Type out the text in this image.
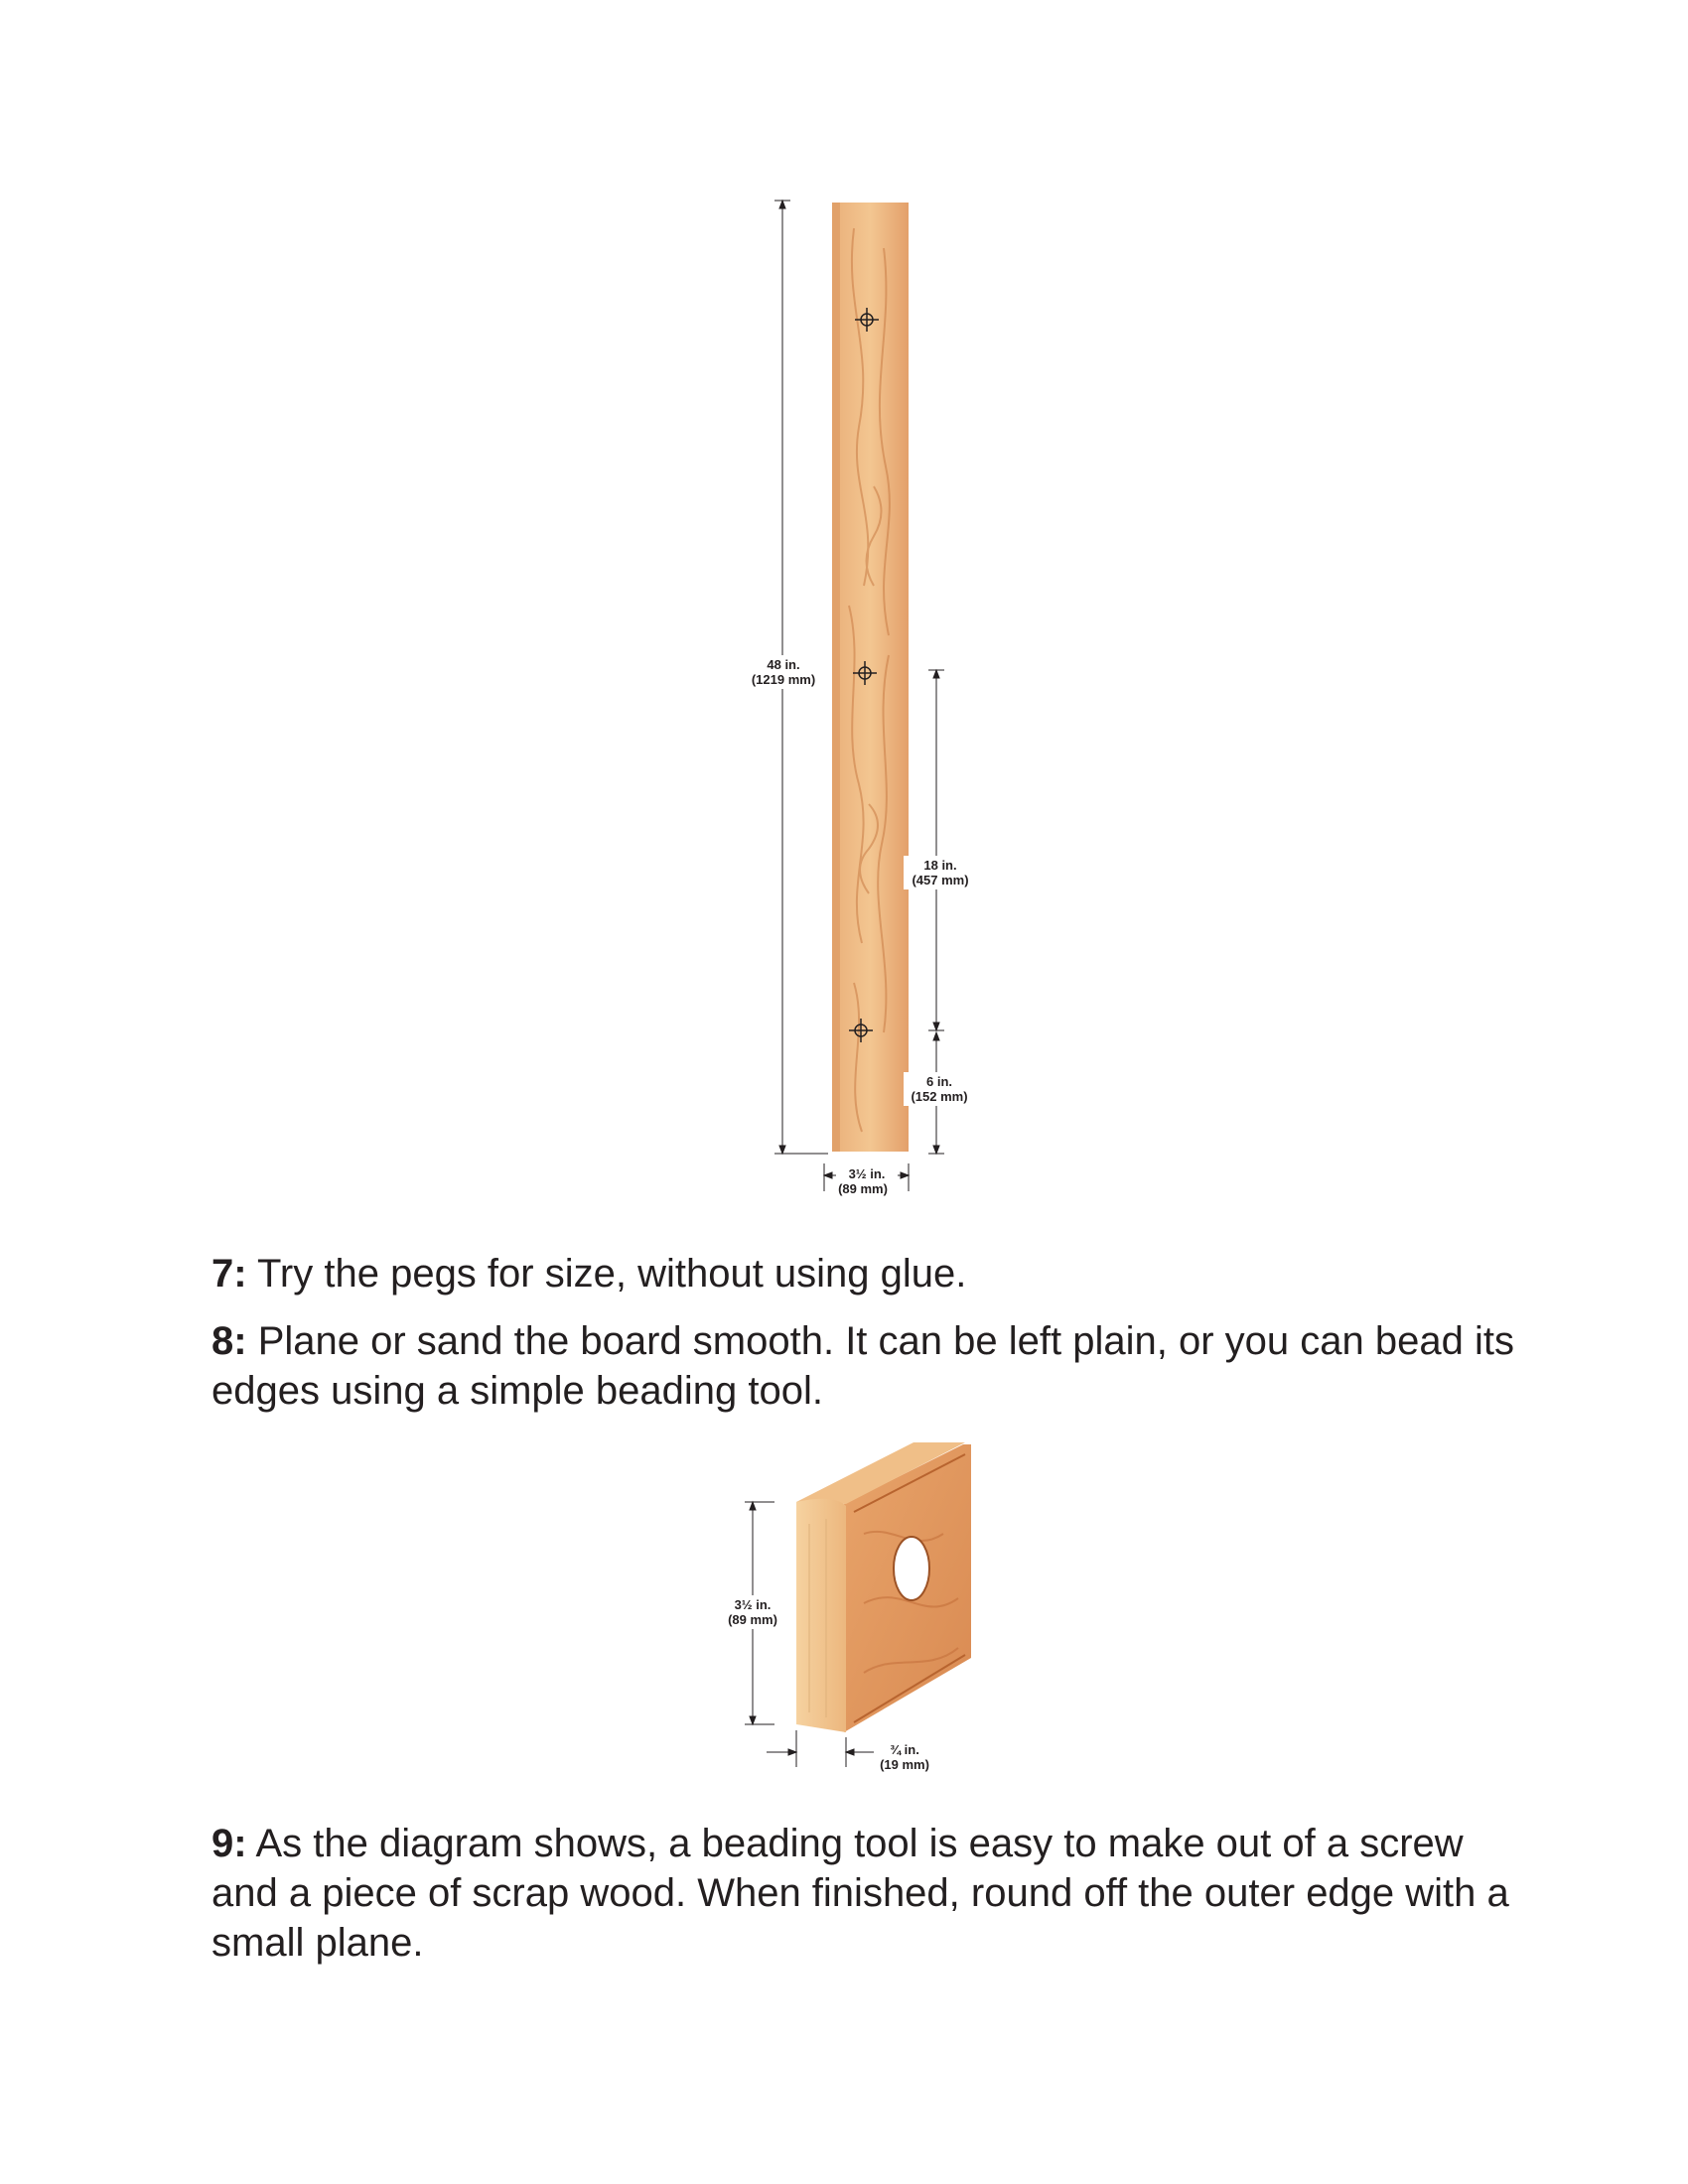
48 in.
(1219 mm)
18 in.
(457 mm)
6 in.
(152 mm)
3½ in.
(89 mm)

7: Try the pegs for size, without using glue.

8: Plane or sand the board smooth. It can be left plain, or you can bead its edges using a simple beading tool.

3½ in.
(89 mm)
¾ in.
(19 mm)

9: As the diagram shows, a beading tool is easy to make out of a screw and a piece of scrap wood. When finished, round off the outer edge with a small plane.
